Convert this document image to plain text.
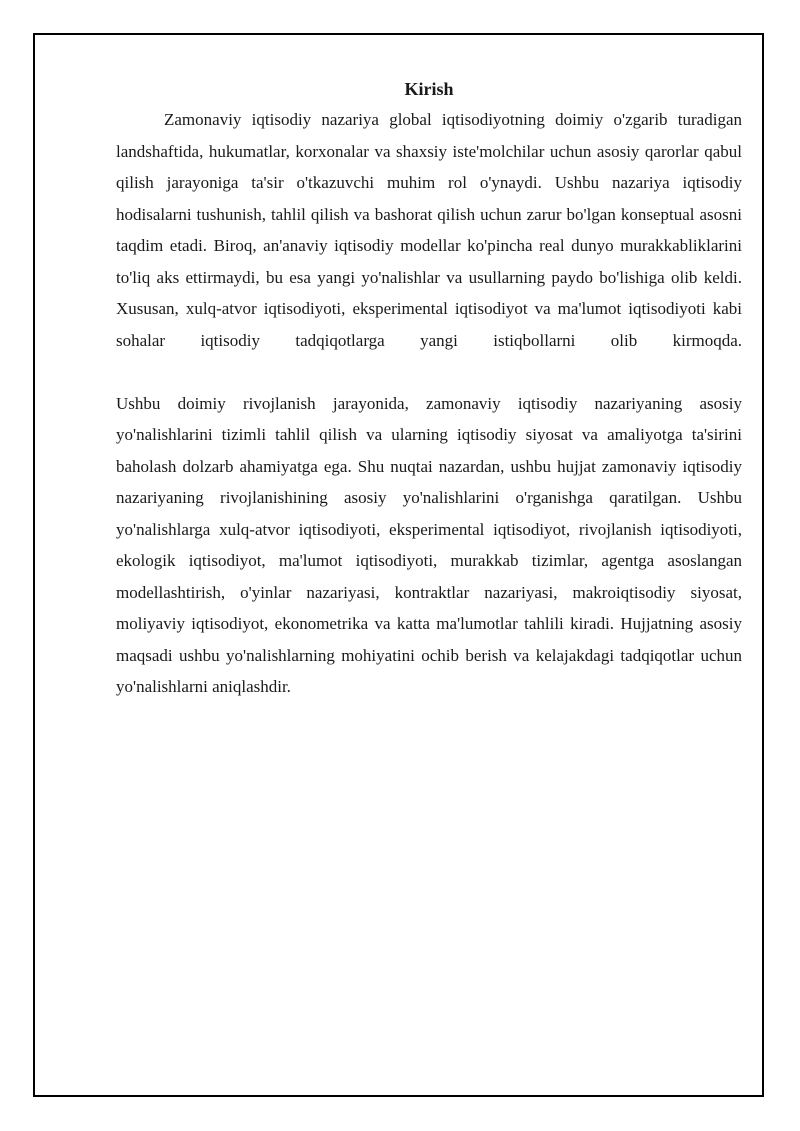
Kirish

Zamonaviy iqtisodiy nazariya global iqtisodiyotning doimiy o'zgarib turadigan landshaftida, hukumatlar, korxonalar va shaxsiy iste'molchilar uchun asosiy qarorlar qabul qilish jarayoniga ta'sir o'tkazuvchi muhim rol o'ynaydi. Ushbu nazariya iqtisodiy hodisalarni tushunish, tahlil qilish va bashorat qilish uchun zarur bo'lgan konseptual asosni taqdim etadi. Biroq, an'anaviy iqtisodiy modellar ko'pincha real dunyo murakkabliklarini to'liq aks ettirmaydi, bu esa yangi yo'nalishlar va usullarning paydo bo'lishiga olib keldi. Xususan, xulq-atvor iqtisodiyoti, eksperimental iqtisodiyot va ma'lumot iqtisodiyoti kabi sohalar iqtisodiy tadqiqotlarga yangi istiqbollarni olib kirmoqda.

Ushbu doimiy rivojlanish jarayonida, zamonaviy iqtisodiy nazariyaning asosiy yo'nalishlarini tizimli tahlil qilish va ularning iqtisodiy siyosat va amaliyotga ta'sirini baholash dolzarb ahamiyatga ega. Shu nuqtai nazardan, ushbu hujjat zamonaviy iqtisodiy nazariyaning rivojlanishining asosiy yo'nalishlarini o'rganishga qaratilgan. Ushbu yo'nalishlarga xulq-atvor iqtisodiyoti, eksperimental iqtisodiyot, rivojlanish iqtisodiyoti, ekologik iqtisodiyot, ma'lumot iqtisodiyoti, murakkab tizimlar, agentga asoslangan modellashtirish, o'yinlar nazariyasi, kontraktlar nazariyasi, makroiqtisodiy siyosat, moliyaviy iqtisodiyot, ekonometrika va katta ma'lumotlar tahlili kiradi. Hujjatning asosiy maqsadi ushbu yo'nalishlarning mohiyatini ochib berish va kelajakdagi tadqiqotlar uchun yo'nalishlarni aniqlashdir.
